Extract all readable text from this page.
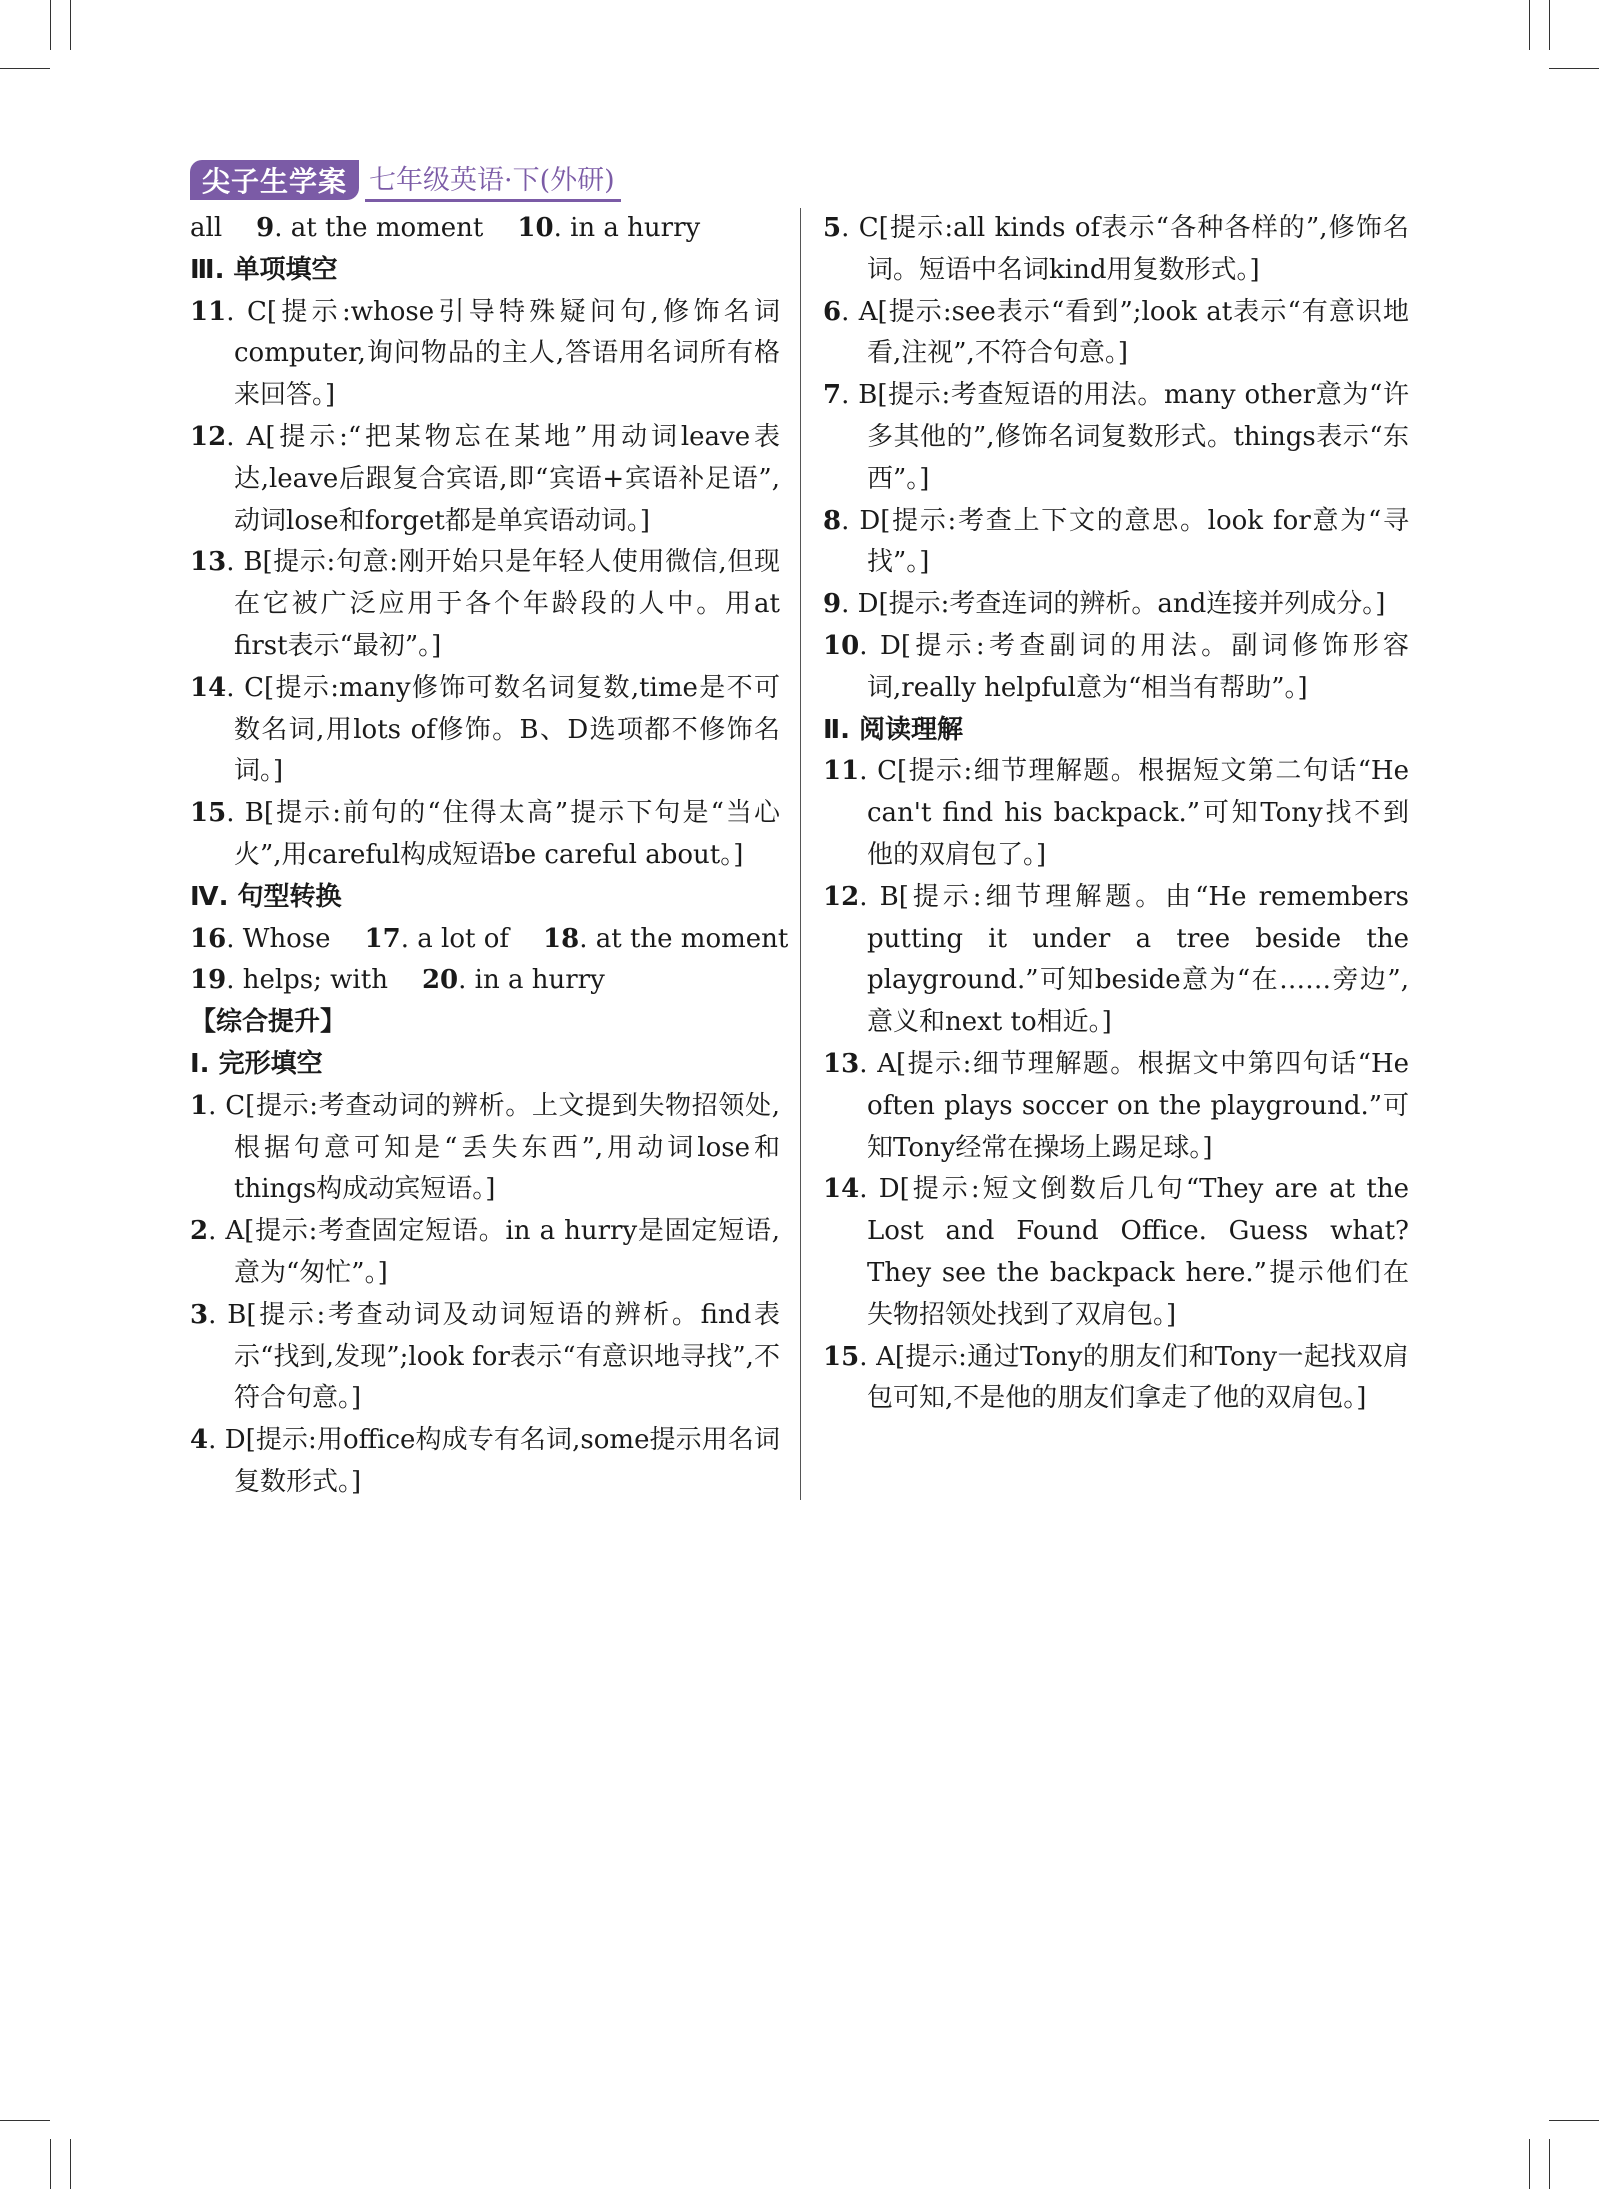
尖子生学案 七年级英语·下(外研)
all 9. at the moment 10. in a hurry
Ⅲ. 单项填空
11. C[提示:whose引导特殊疑问句,修饰名词computer,询问物品的主人,答语用名词所有格来回答。]
12. A[提示:“把某物忘在某地”用动词leave表达,leave后跟复合宾语,即“宾语+宾语补足语”,动词lose和forget都是单宾语动词。]
13. B[提示:句意:刚开始只是年轻人使用微信,但现在它被广泛应用于各个年龄段的人中。用at first表示“最初”。]
14. C[提示:many修饰可数名词复数,time是不可数名词,用lots of修饰。B、D选项都不修饰名词。]
15. B[提示:前句的“住得太高”提示下句是“当心火”,用careful构成短语be careful about。]
Ⅳ. 句型转换
16. Whose 17. a lot of 18. at the moment
19. helps; with 20. in a hurry
【综合提升】
Ⅰ. 完形填空
1. C[提示:考查动词的辨析。上文提到失物招领处,根据句意可知是“丢失东西”,用动词lose和things构成动宾短语。]
2. A[提示:考查固定短语。in a hurry是固定短语,意为“匆忙”。]
3. B[提示:考查动词及动词短语的辨析。find表示“找到,发现”;look for表示“有意识地寻找”,不符合句意。]
4. D[提示:用office构成专有名词,some提示用名词复数形式。]
5. C[提示:all kinds of表示“各种各样的”,修饰名词。短语中名词kind用复数形式。]
6. A[提示:see表示“看到”;look at表示“有意识地看,注视”,不符合句意。]
7. B[提示:考查短语的用法。many other意为“许多其他的”,修饰名词复数形式。things表示“东西”。]
8. D[提示:考查上下文的意思。look for意为“寻找”。]
9. D[提示:考查连词的辨析。and连接并列成分。]
10. D[提示:考查副词的用法。副词修饰形容词,really helpful意为“相当有帮助”。]
Ⅱ. 阅读理解
11. C[提示:细节理解题。根据短文第二句话“He can't find his backpack.”可知Tony找不到他的双肩包了。]
12. B[提示:细节理解题。由“He remembers putting it under a tree beside the playground.”可知beside意为“在……旁边”,意义和next to相近。]
13. A[提示:细节理解题。根据文中第四句话“He often plays soccer on the playground.”可知Tony经常在操场上踢足球。]
14. D[提示:短文倒数后几句“They are at the Lost and Found Office. Guess what? They see the backpack here.”提示他们在失物招领处找到了双肩包。]
15. A[提示:通过Tony的朋友们和Tony一起找双肩包可知,不是他的朋友们拿走了他的双肩包。]
